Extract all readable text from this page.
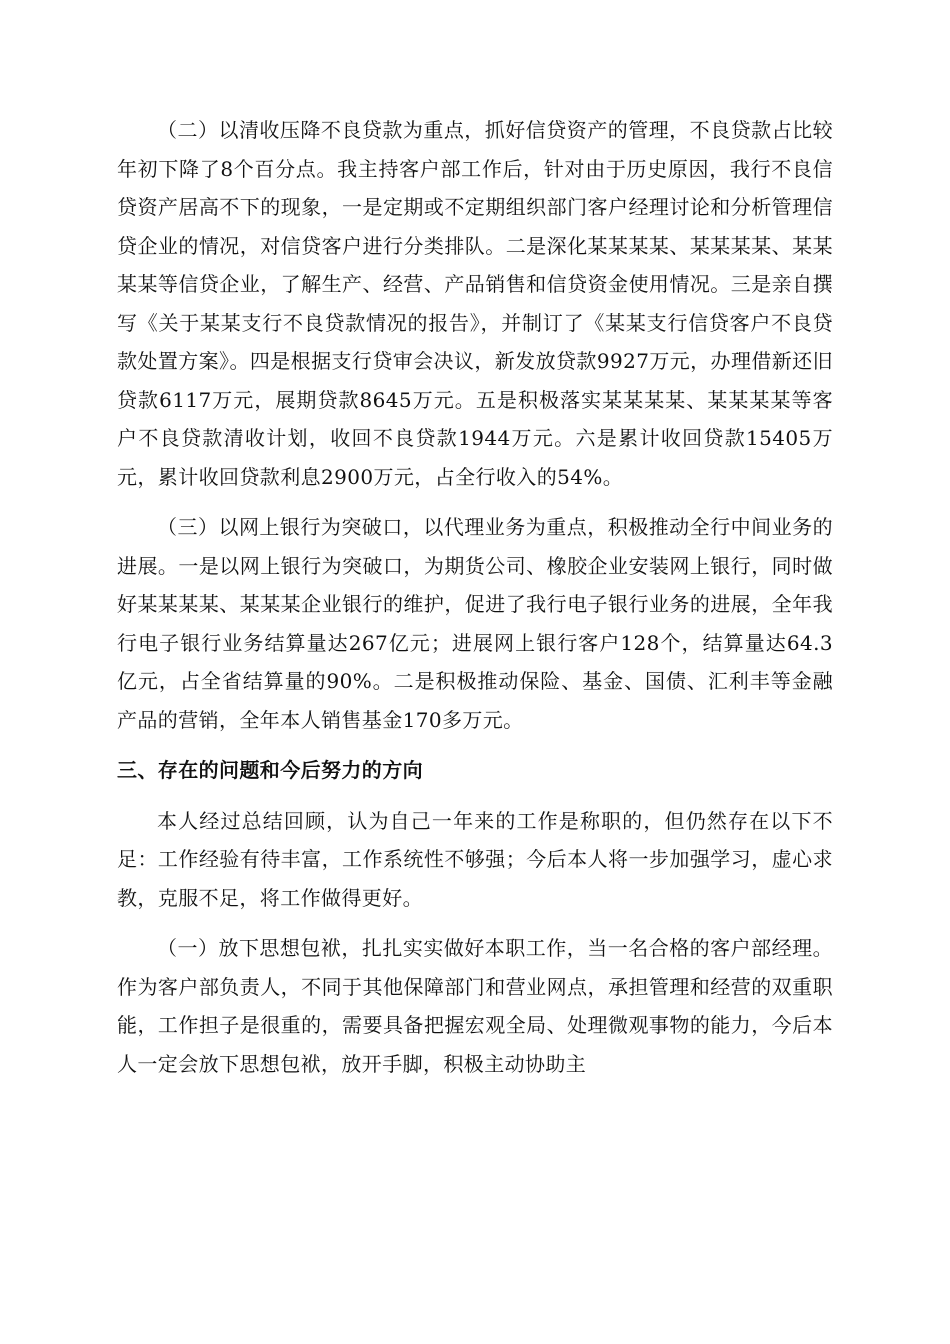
（二）以清收压降不良贷款为重点，抓好信贷资产的管理，不良贷款占比较年初下降了8个百分点。我主持客户部工作后，针对由于历史原因，我行不良信贷资产居高不下的现象，一是定期或不定期组织部门客户经理讨论和分析管理信贷企业的情况，对信贷客户进行分类排队。二是深化某某某某、某某某某、某某某某等信贷企业，了解生产、经营、产品销售和信贷资金使用情况。三是亲自撰写《关于某某支行不良贷款情况的报告》，并制订了《某某支行信贷客户不良贷款处置方案》。四是根据支行贷审会决议，新发放贷款9927万元，办理借新还旧贷款6117万元，展期贷款8645万元。五是积极落实某某某某、某某某某等客户不良贷款清收计划，收回不良贷款1944万元。六是累计收回贷款15405万元，累计收回贷款利息2900万元，占全行收入的54%。

（三）以网上银行为突破口，以代理业务为重点，积极推动全行中间业务的进展。一是以网上银行为突破口，为期货公司、橡胶企业安装网上银行，同时做好某某某某、某某某企业银行的维护，促进了我行电子银行业务的进展，全年我行电子银行业务结算量达267亿元；进展网上银行客户128个，结算量达64.3亿元，占全省结算量的90%。二是积极推动保险、基金、国债、汇利丰等金融产品的营销，全年本人销售基金170多万元。

三、存在的问题和今后努力的方向

本人经过总结回顾，认为自己一年来的工作是称职的，但仍然存在以下不足：工作经验有待丰富，工作系统性不够强；今后本人将一步加强学习，虚心求教，克服不足，将工作做得更好。

（一）放下思想包袱，扎扎实实做好本职工作，当一名合格的客户部经理。作为客户部负责人，不同于其他保障部门和营业网点，承担管理和经营的双重职能，工作担子是很重的，需要具备把握宏观全局、处理微观事物的能力，今后本人一定会放下思想包袱，放开手脚，积极主动协助主
